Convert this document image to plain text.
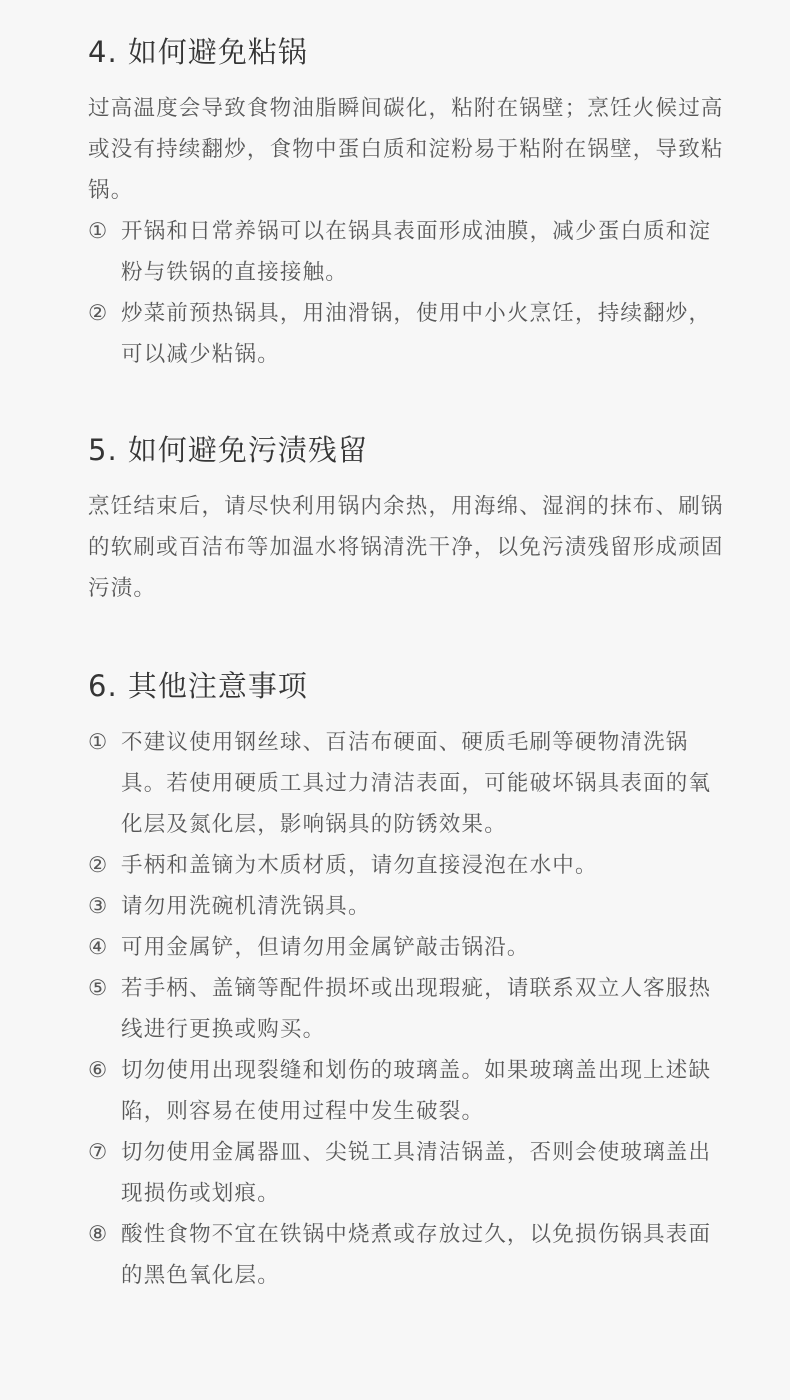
4. 如何避免粘锅

过高温度会导致食物油脂瞬间碳化，粘附在锅壁；烹饪火候过高或没有持续翻炒，食物中蛋白质和淀粉易于粘附在锅壁，导致粘锅。

① 开锅和日常养锅可以在锅具表面形成油膜，减少蛋白质和淀粉与铁锅的直接接触。
② 炒菜前预热锅具，用油滑锅，使用中小火烹饪，持续翻炒，可以减少粘锅。
5. 如何避免污渍残留

烹饪结束后，请尽快利用锅内余热，用海绵、湿润的抹布、刷锅的软刷或百洁布等加温水将锅清洗干净，以免污渍残留形成顽固污渍。

6. 其他注意事项
① 不建议使用钢丝球、百洁布硬面、硬质毛刷等硬物清洗锅具。若使用硬质工具过力清洁表面，可能破坏锅具表面的氧化层及氮化层，影响锅具的防锈效果。
② 手柄和盖镝为木质材质，请勿直接浸泡在水中。
③ 请勿用洗碗机清洗锅具。
④ 可用金属铲，但请勿用金属铲敲击锅沿。
⑤ 若手柄、盖镝等配件损坏或出现瑕疵，请联系双立人客服热线进行更换或购买。
⑥ 切勿使用出现裂缝和划伤的玻璃盖。如果玻璃盖出现上述缺陷，则容易在使用过程中发生破裂。
⑦ 切勿使用金属器皿、尖锐工具清洁锅盖，否则会使玻璃盖出现损伤或划痕。
⑧ 酸性食物不宜在铁锅中烧煮或存放过久，以免损伤锅具表面的黑色氧化层。
